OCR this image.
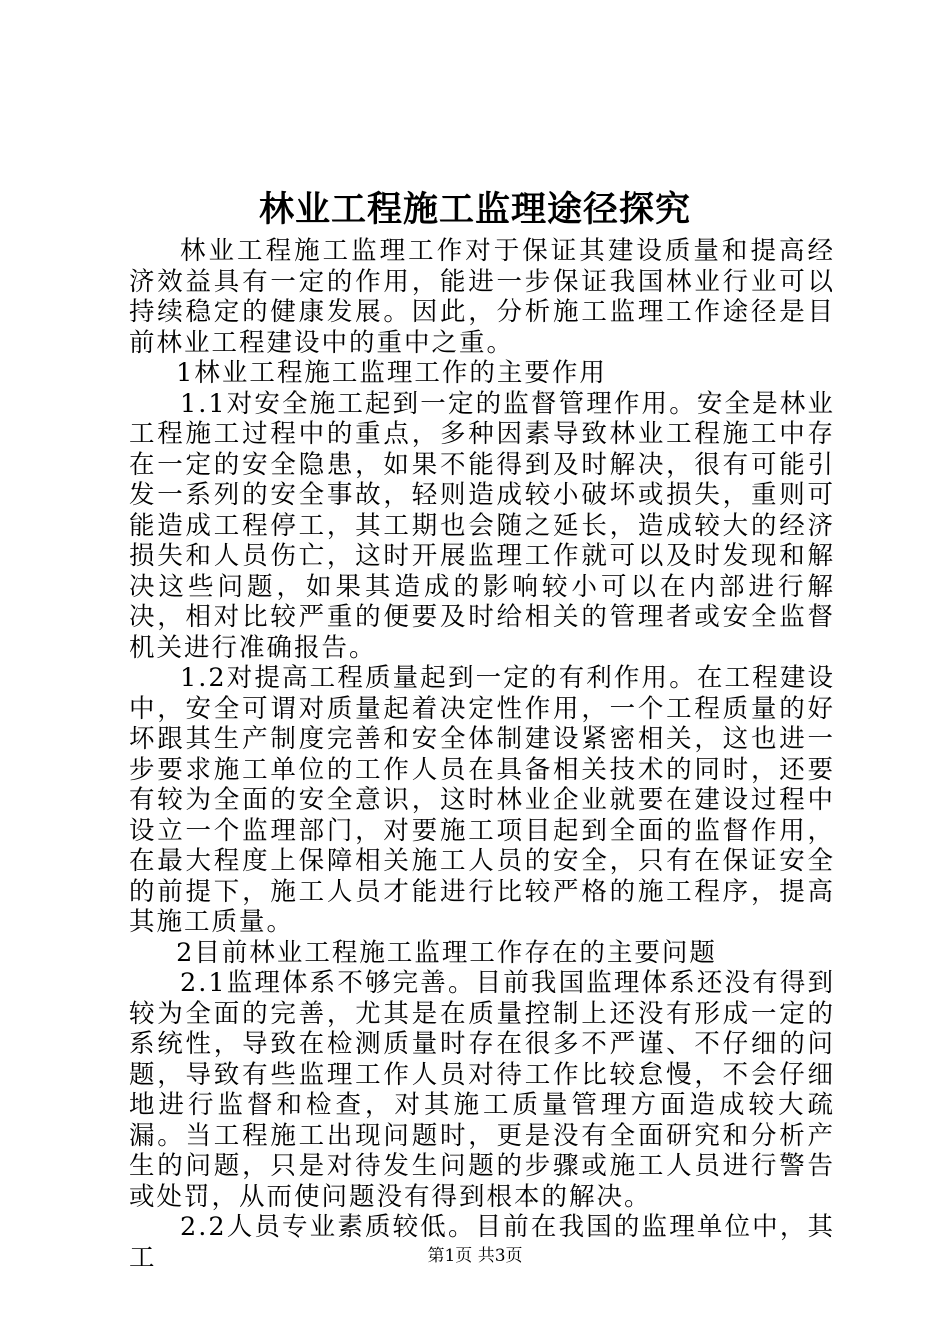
林业工程施工监理途径探究

林业工程施工监理工作对于保证其建设质量和提高经济效益具有一定的作用，能进一步保证我国林业行业可以持续稳定的健康发展。因此，分析施工监理工作途径是目前林业工程建设中的重中之重。

1林业工程施工监理工作的主要作用

1.1对安全施工起到一定的监督管理作用。安全是林业工程施工过程中的重点，多种因素导致林业工程施工中存在一定的安全隐患，如果不能得到及时解决，很有可能引发一系列的安全事故，轻则造成较小破坏或损失，重则可能造成工程停工，其工期也会随之延长，造成较大的经济损失和人员伤亡，这时开展监理工作就可以及时发现和解决这些问题，如果其造成的影响较小可以在内部进行解决，相对比较严重的便要及时给相关的管理者或安全监督机关进行准确报告。

1.2对提高工程质量起到一定的有利作用。在工程建设中，安全可谓对质量起着决定性作用，一个工程质量的好坏跟其生产制度完善和安全体制建设紧密相关，这也进一步要求施工单位的工作人员在具备相关技术的同时，还要有较为全面的安全意识，这时林业企业就要在建设过程中设立一个监理部门，对要施工项目起到全面的监督作用，在最大程度上保障相关施工人员的安全，只有在保证安全的前提下，施工人员才能进行比较严格的施工程序，提高其施工质量。

2目前林业工程施工监理工作存在的主要问题

2.1监理体系不够完善。目前我国监理体系还没有得到较为全面的完善，尤其是在质量控制上还没有形成一定的系统性，导致在检测质量时存在很多不严谨、不仔细的问题，导致有些监理工作人员对待工作比较怠慢，不会仔细地进行监督和检查，对其施工质量管理方面造成较大疏漏。当工程施工出现问题时，更是没有全面研究和分析产生的问题，只是对待发生问题的步骤或施工人员进行警告或处罚，从而使问题没有得到根本的解决。

2.2人员专业素质较低。目前在我国的监理单位中，其工	第1页 共3页
